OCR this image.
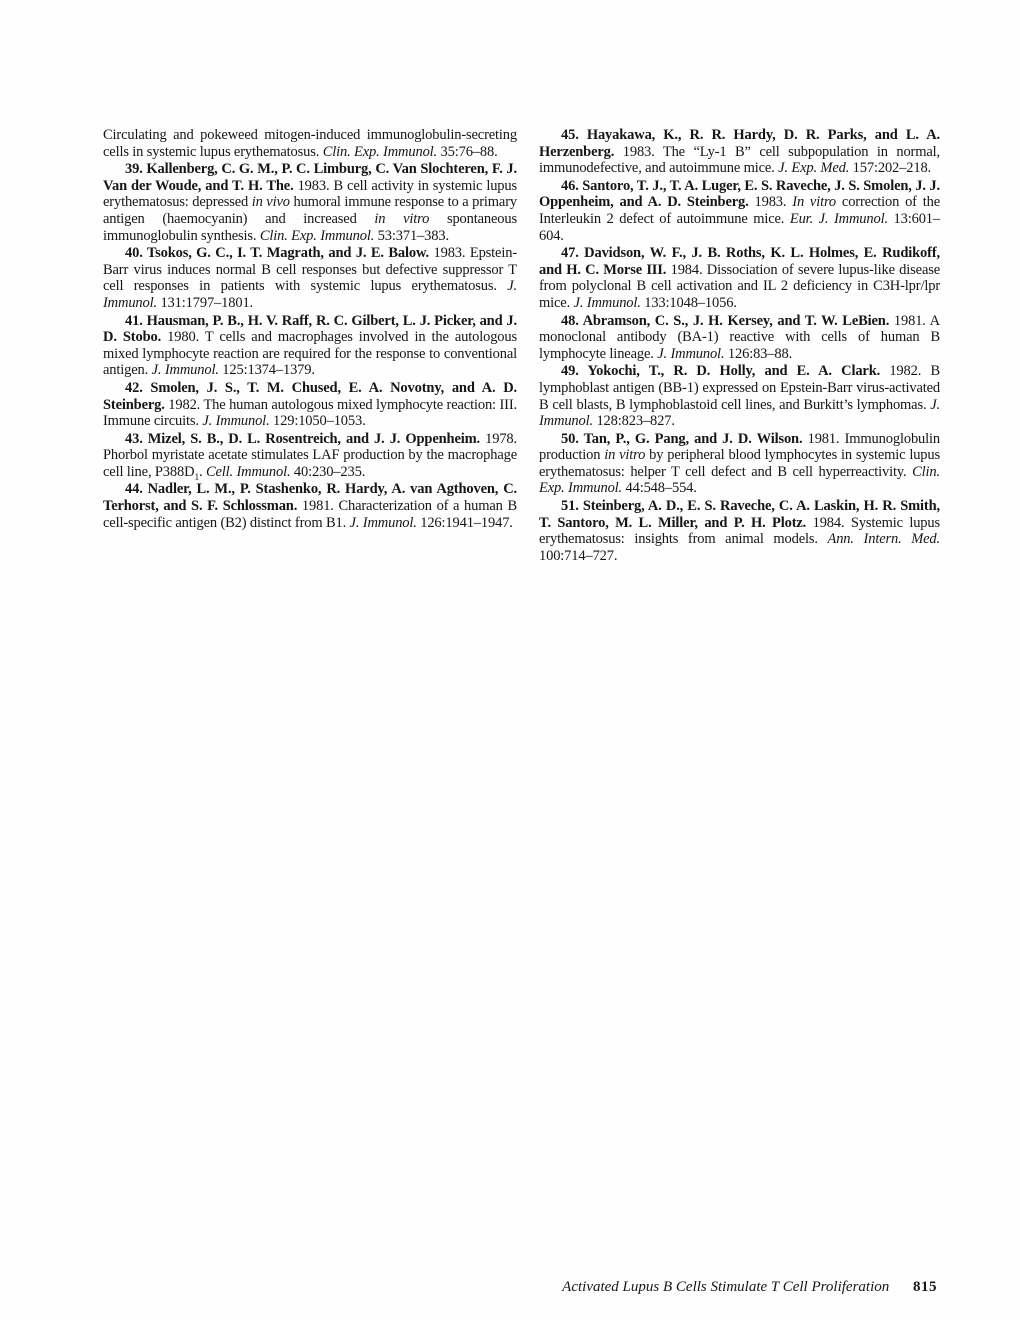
Circulating and pokeweed mitogen-induced immunoglobulin-secreting cells in systemic lupus erythematosus. Clin. Exp. Immunol. 35:76–88.

39. Kallenberg, C. G. M., P. C. Limburg, C. Van Slochteren, F. J. Van der Woude, and T. H. The. 1983. B cell activity in systemic lupus erythematosus: depressed in vivo humoral immune response to a primary antigen (haemocyanin) and increased in vitro spontaneous immunoglobulin synthesis. Clin. Exp. Immunol. 53:371–383.

40. Tsokos, G. C., I. T. Magrath, and J. E. Balow. 1983. Epstein-Barr virus induces normal B cell responses but defective suppressor T cell responses in patients with systemic lupus erythematosus. J. Immunol. 131:1797–1801.

41. Hausman, P. B., H. V. Raff, R. C. Gilbert, L. J. Picker, and J. D. Stobo. 1980. T cells and macrophages involved in the autologous mixed lymphocyte reaction are required for the response to conventional antigen. J. Immunol. 125:1374–1379.

42. Smolen, J. S., T. M. Chused, E. A. Novotny, and A. D. Steinberg. 1982. The human autologous mixed lymphocyte reaction: III. Immune circuits. J. Immunol. 129:1050–1053.

43. Mizel, S. B., D. L. Rosentreich, and J. J. Oppenheim. 1978. Phorbol myristate acetate stimulates LAF production by the macrophage cell line, $P388D_1$. Cell. Immunol. 40:230–235.

44. Nadler, L. M., P. Stashenko, R. Hardy, A. van Agthoven, C. Terhorst, and S. F. Schlossman. 1981. Characterization of a human B cell-specific antigen (B2) distinct from B1. J. Immunol. 126:1941–1947.

45. Hayakawa, K., R. R. Hardy, D. R. Parks, and L. A. Herzenberg. 1983. The “Ly-1 B” cell subpopulation in normal, immunodefective, and autoimmune mice. J. Exp. Med. 157:202–218.

46. Santoro, T. J., T. A. Luger, E. S. Raveche, J. S. Smolen, J. J. Oppenheim, and A. D. Steinberg. 1983. In vitro correction of the Interleukin 2 defect of autoimmune mice. Eur. J. Immunol. 13:601–604.

47. Davidson, W. F., J. B. Roths, K. L. Holmes, E. Rudikoff, and H. C. Morse III. 1984. Dissociation of severe lupus-like disease from polyclonal B cell activation and IL 2 deficiency in C3H-lpr/lpr mice. J. Immunol. 133:1048–1056.

48. Abramson, C. S., J. H. Kersey, and T. W. LeBien. 1981. A monoclonal antibody (BA-1) reactive with cells of human B lymphocyte lineage. J. Immunol. 126:83–88.

49. Yokochi, T., R. D. Holly, and E. A. Clark. 1982. B lymphoblast antigen (BB-1) expressed on Epstein-Barr virus-activated B cell blasts, B lymphoblastoid cell lines, and Burkitt’s lymphomas. J. Immunol. 128:823–827.

50. Tan, P., G. Pang, and J. D. Wilson. 1981. Immunoglobulin production in vitro by peripheral blood lymphocytes in systemic lupus erythematosus: helper T cell defect and B cell hyperreactivity. Clin. Exp. Immunol. 44:548–554.

51. Steinberg, A. D., E. S. Raveche, C. A. Laskin, H. R. Smith, T. Santoro, M. L. Miller, and P. H. Plotz. 1984. Systemic lupus erythematosus: insights from animal models. Ann. Intern. Med. 100:714–727.

Activated Lupus B Cells Stimulate T Cell Proliferation 815
